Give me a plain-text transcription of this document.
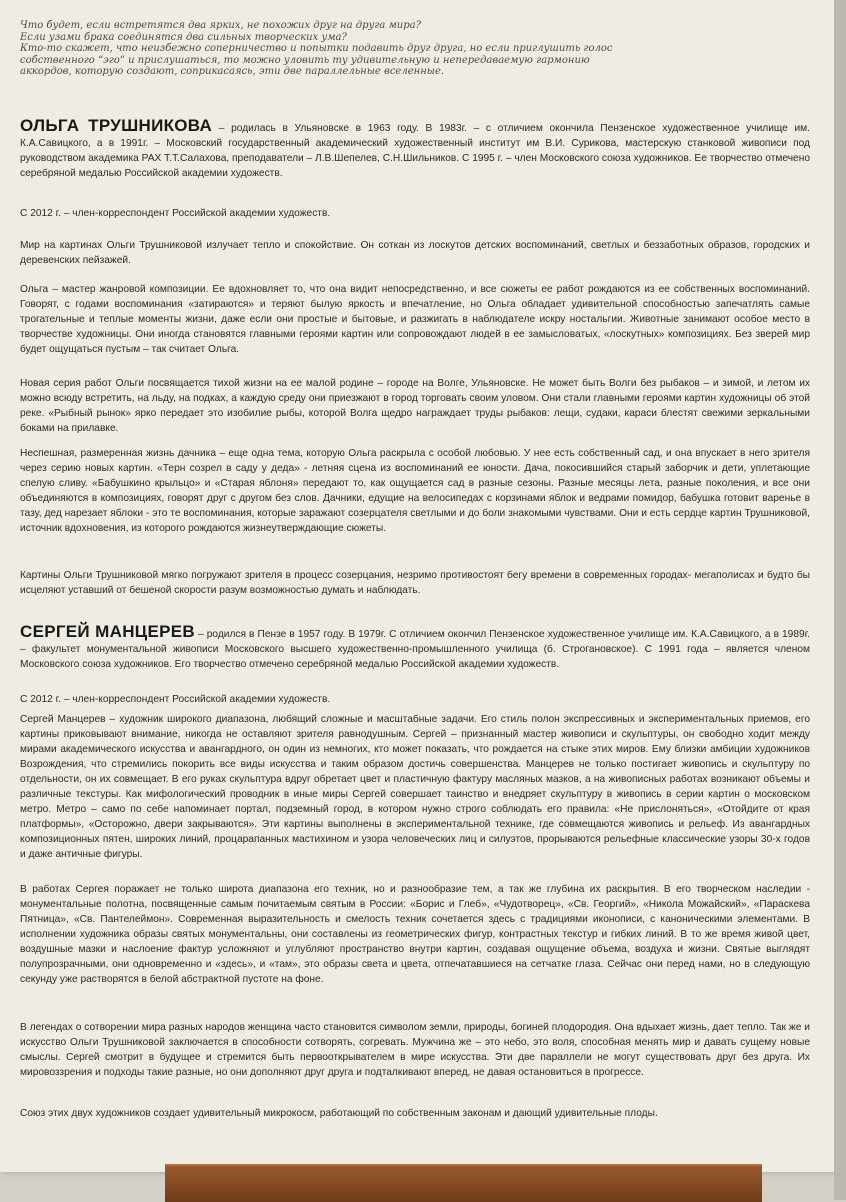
Что будет, если встретятся два ярких, не похожих друг на друга мира?

Если узами брака соединятся два сильных творческих ума?

Кто-то скажет, что неизбежно соперничество и попытки подавить друг друга, но если приглушить голос

собственного “эго” и прислушаться, то можно уловить ту удивительную и непередаваемую гармонию

аккордов, которую создают, соприкасаясь, эти две параллельные вселенные.

ОЛЬГА ТРУШНИКОВА – родилась в Ульяновске в 1963 году. В 1983г. – с отличием окончила Пензенское художественное училище им. К.А.Савицкого, а в 1991г. – Московский государственный академический художественный институт им В.И. Сурикова, мастерскую станковой живописи под руководством академика РАХ Т.Т.Салахова, преподаватели – Л.В.Шепелев, С.Н.Шильников. С 1995 г. – член Московского союза художников. Ее творчество отмечено серебряной медалью Российской академии художеств.
С 2012 г. – член-корреспондент Российской академии художеств.
Мир на картинах Ольги Трушниковой излучает тепло и спокойствие. Он соткан из лоскутов детских воспоминаний, светлых и беззаботных образов, городских и деревенских пейзажей.
Ольга – мастер жанровой композиции. Ее вдохновляет то, что она видит непосредственно, и все сюжеты ее работ рождаются из ее собственных воспоминаний. Говорят, с годами воспоминания «затираются» и теряют былую яркость и впечатление, но Ольга обладает удивительной способностью запечатлять самые трогательные и теплые моменты жизни, даже если они простые и бытовые, и разжигать в наблюдателе искру ностальгии. Животные занимают особое место в творчестве художницы. Они иногда становятся главными героями картин или сопровождают людей в ее замысловатых, «лоскутных» композициях. Без зверей мир будет ощущаться пустым – так считает Ольга.
Новая серия работ Ольги посвящается тихой жизни на ее малой родине – городе на Волге, Ульяновске. Не может быть Волги без рыбаков – и зимой, и летом их можно всюду встретить, на льду, на подках, а каждую среду они приезжают в город торговать своим уловом. Они стали главными героями картин художницы об этой реке. «Рыбный рынок» ярко передает это изобилие рыбы, которой Волга щедро награждает труды рыбаков: лещи, судаки, караси блестят свежими зеркальными боками на прилавке.
Неспешная, размеренная жизнь дачника – еще одна тема, которую Ольга раскрыла с особой любовью. У нее есть собственный сад, и она впускает в него зрителя через серию новых картин. «Терн созрел в саду у деда» - летняя сцена из воспоминаний ее юности. Дача, покосившийся старый заборчик и дети, уплетающие спелую сливу. «Бабушкино крыльцо» и «Старая яблоня» передают то, как ощущается сад в разные сезоны. Разные месяцы лета, разные поколения, и все они объединяются в композициях, говорят друг с другом без слов. Дачники, едущие на велосипедах с корзинами яблок и ведрами помидор, бабушка готовит варенье в тазу, дед нарезает яблоки - это те воспоминания, которые заражают созерцателя светлыми и до боли знакомыми чувствами. Они и есть сердце картин Трушниковой, источник вдохновения, из которого рождаются жизнеутверждающие сюжеты.
Картины Ольги Трушниковой мягко погружают зрителя в процесс созерцания, незримо противостоят бегу времени в современных городах- мегаполисах и будто бы исцеляют уставший от бешеной скорости разум возможностью думать и наблюдать.
СЕРГЕЙ МАНЦЕРЕВ – родился в Пензе в 1957 году. В 1979г. С отличием окончил Пензенское художественное училище им. К.А.Савицкого, а в 1989г. – факультет монументальной живописи Московского высшего художественно-промышленного училища (б. Строгановское). С 1991 года – является членом Московского союза художников. Его творчество отмечено серебряной медалью Российской академии художеств.
С 2012 г. – член-корреспондент Российской академии художеств.
Сергей Манцерев – художник широкого диапазона, любящий сложные и масштабные задачи. Его стиль полон экспрессивных и экспериментальных приемов, его картины приковывают внимание, никогда не оставляют зрителя равнодушным. Сергей – признанный мастер живописи и скульптуры, он свободно ходит между мирами академического искусства и авангардного, он один из немногих, кто может показать, что рождается на стыке этих миров. Ему близки амбиции художников Возрождения, что стремились покорить все виды искусства и таким образом достичь совершенства. Манцерев не только постигает живопись и скульптуру по отдельности, он их совмещает. В его руках скульптура вдруг обретает цвет и пластичную фактуру масляных мазков, а на живописных работах возникают объемы и различные текстуры. Как мифологический проводник в иные миры Сергей совершает таинство и внедряет скульптуру в живопись в серии картин о московском метро. Метро – само по себе напоминает портал, подземный город, в котором нужно строго соблюдать его правила: «Не прислоняться», «Отойдите от края платформы», «Осторожно, двери закрываются». Эти картины выполнены в экспериментальной технике, где совмещаются живопись и рельеф. Из авангардных композиционных пятен, широких линий, процарапанных мастихином и узора человеческих лиц и силуэтов, прорываются рельефные классические узоры 30-х годов и даже античные фигуры.
В работах Сергея поражает не только широта диапазона его техник, но и разнообразие тем, а так же глубина их раскрытия. В его творческом наследии - монументальные полотна, посвященные самым почитаемым святым в России: «Борис и Глеб», «Чудотворец», «Св. Георгий», «Никола Можайский», «Параскева Пятница», «Св. Пантелеймон». Современная выразительность и смелость техник сочетается здесь с традициями иконописи, с каноническими элементами. В исполнении художника образы святых монументальны, они составлены из геометрических фигур, контрастных текстур и гибких линий. В то же время живой цвет, воздушные мазки и наслоение фактур усложняют и углубляют пространство внутри картин, создавая ощущение объема, воздуха и жизни. Святые выглядят полупрозрачными, они одновременно и «здесь», и «там», это образы света и цвета, отпечатавшиеся на сетчатке глаза. Сейчас они перед нами, но в следующую секунду уже растворятся в белой абстрактной пустоте на фоне.
В легендах о сотворении мира разных народов женщина часто становится символом земли, природы, богиней плодородия. Она вдыхает жизнь, дает тепло. Так же и искусство Ольги Трушниковой заключается в способности сотворять, согревать. Мужчина же – это небо, это воля, способная менять мир и давать сущему новые смыслы. Сергей смотрит в будущее и стремится быть первооткрывателем в мире искусства. Эти две параллели не могут существовать друг без друга. Их мировоззрения и подходы такие разные, но они дополняют друг друга и подталкивают вперед, не давая остановиться в прогрессе.
Союз этих двух художников создает удивительный микрокосм, работающий по собственным законам и дающий удивительные плоды.
